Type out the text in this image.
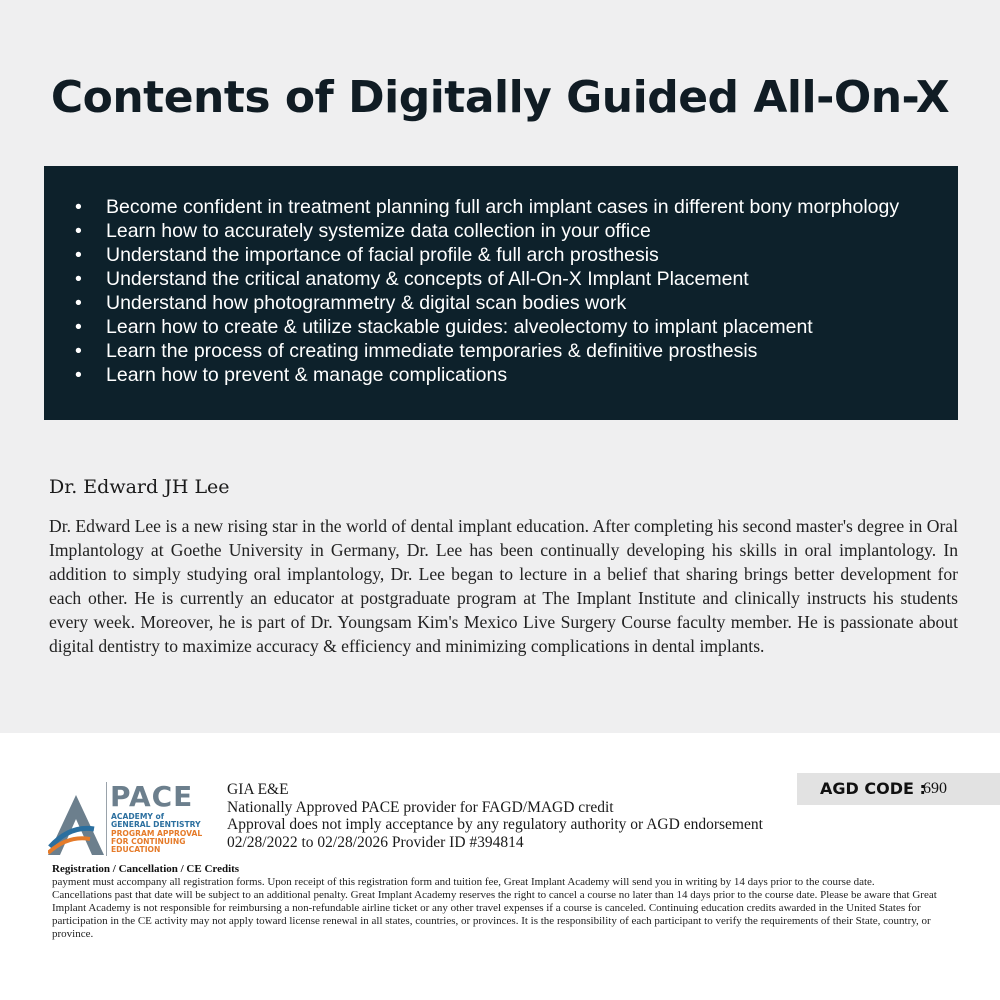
Contents of Digitally Guided All-On-X
• Become confident in treatment planning full arch implant cases in different bony morphology
• Learn how to accurately systemize data collection in your office
• Understand the importance of facial profile & full arch prosthesis
• Understand the critical anatomy & concepts of All-On-X Implant Placement
• Understand how photogrammetry & digital scan bodies work
• Learn how to create & utilize stackable guides: alveolectomy to implant placement
• Learn the process of creating immediate temporaries & definitive prosthesis
• Learn how to prevent & manage complications
Dr. Edward JH Lee
Dr. Edward Lee is a new rising star in the world of dental implant education. After completing his second master's degree in Oral Implantology at Goethe University in Germany, Dr. Lee has been continually developing his skills in oral implantology. In addition to simply studying oral implantology, Dr. Lee began to lecture in a belief that sharing brings better development for each other. He is currently an educator at postgraduate program at The Implant Institute and clinically instructs his students every week. Moreover, he is part of Dr. Youngsam Kim's Mexico Live Surgery Course faculty member. He is passionate about digital dentistry to maximize accuracy & efficiency and minimizing complications in dental implants.
PACE
ACADEMY of
GENERAL DENTISTRY
PROGRAM APPROVAL
FOR CONTINUING
EDUCATION
GIA E&E
Nationally Approved PACE provider for FAGD/MAGD credit
Approval does not imply acceptance by any regulatory authority or AGD endorsement
02/28/2022 to 02/28/2026 Provider ID #394814
AGD CODE :
690
Registration / Cancellation / CE Credits

payment must accompany all registration forms. Upon receipt of this registration form and tuition fee, Great Implant Academy will send you in writing by 14 days prior to the course date.

Cancellations past that date will be subject to an additional penalty. Great Implant Academy reserves the right to cancel a course no later than 14 days prior to the course date. Please be aware that Great Implant Academy is not responsible for reimbursing a non-refundable airline ticket or any other travel expenses if a course is canceled. Continuing education credits awarded in the United States for participation in the CE activity may not apply toward license renewal in all states, countries, or provinces. It is the responsibility of each participant to verify the requirements of their State, country, or province.
